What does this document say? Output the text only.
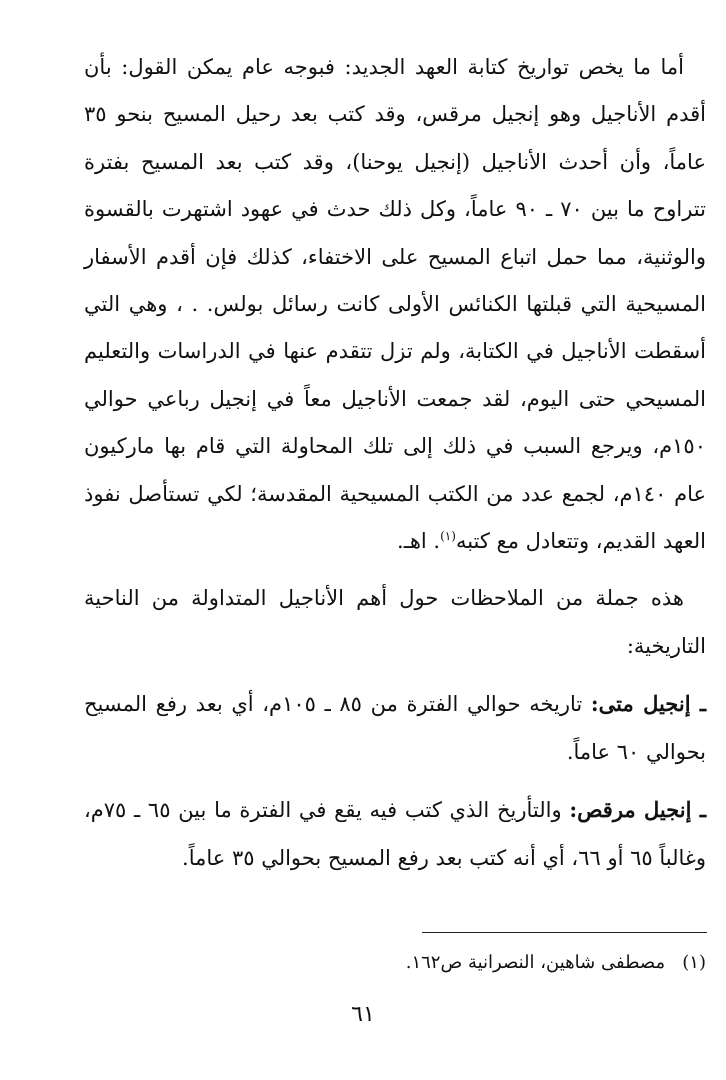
أما ما يخص تواريخ كتابة العهد الجديد: فبوجه عام يمكن القول: بأن أقدم الأناجيل وهو إنجيل مرقس، وقد كتب بعد رحيل المسيح بنحو ٣٥ عاماً، وأن أحدث الأناجيل (إنجيل يوحنا)، وقد كتب بعد المسيح بفترة تتراوح ما بين ٧٠ ـ ٩٠ عاماً، وكل ذلك حدث في عهود اشتهرت بالقسوة والوثنية، مما حمل اتباع المسيح على الاختفاء، كذلك فإن أقدم الأسفار المسيحية التي قبلتها الكنائس الأولى كانت رسائل بولس. . ، وهي التي أسقطت الأناجيل في الكتابة، ولم تزل تتقدم عنها في الدراسات والتعليم المسيحي حتى اليوم، لقد جمعت الأناجيل معاً في إنجيل رباعي حوالي ١٥٠م، ويرجع السبب في ذلك إلى تلك المحاولة التي قام بها ماركيون عام ١٤٠م، لجمع عدد من الكتب المسيحية المقدسة؛ لكي تستأصل نفوذ العهد القديم، وتتعادل مع كتبه$^{(١)}$. اهـ.

هذه جملة من الملاحظات حول أهم الأناجيل المتداولة من الناحية التاريخية:

ـ إنجيل متى: تاريخه حوالي الفترة من ٨٥ ـ ١٠٥م، أي بعد رفع المسيح بحوالي ٦٠ عاماً.

ـ إنجيل مرقص: والتأريخ الذي كتب فيه يقع في الفترة ما بين ٦٥ ـ ٧٥م، وغالباً ٦٥ أو ٦٦، أي أنه كتب بعد رفع المسيح بحوالي ٣٥ عاماً.

(١)   مصطفى شاهين، النصرانية ص١٦٢.
٦١
